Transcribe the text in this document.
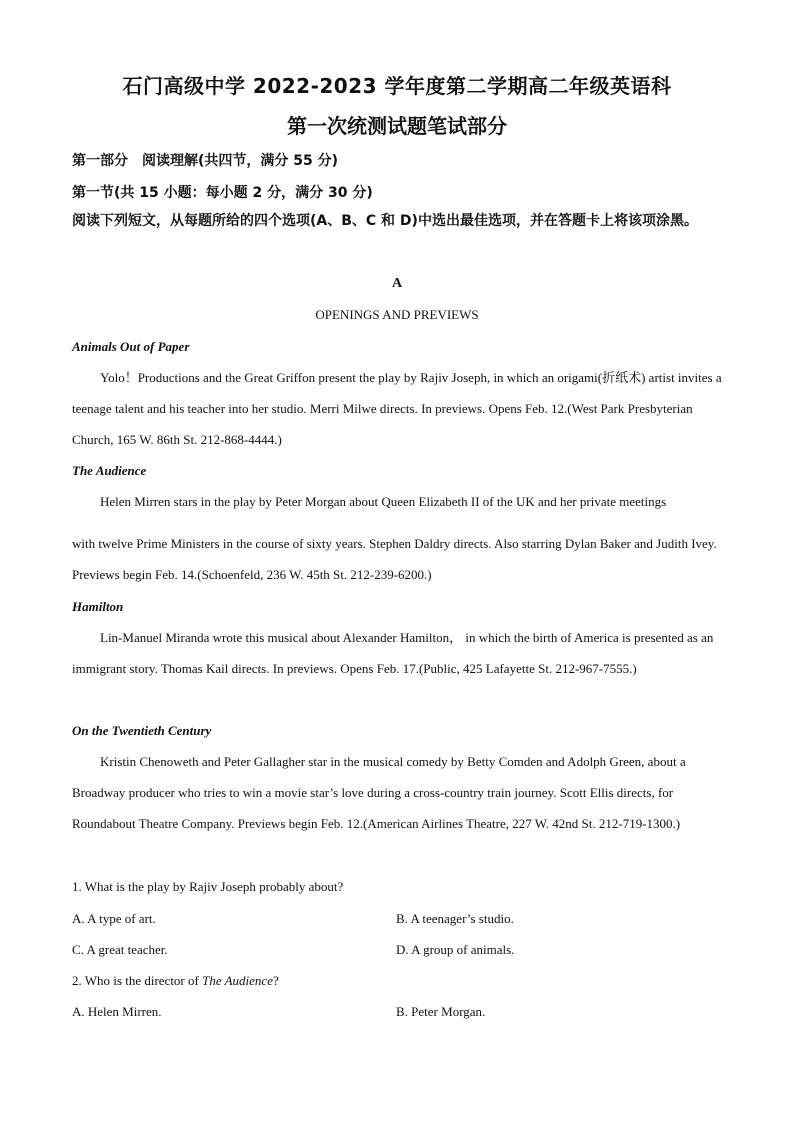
石门高级中学 2022-2023 学年度第二学期高二年级英语科
第一次统测试题笔试部分
第一部分　阅读理解(共四节，满分 55 分)
第一节(共 15 小题：每小题 2 分，满分 30 分)
阅读下列短文，从每题所给的四个选项(A、B、C 和 D)中选出最佳选项，并在答题卡上将该项涂黑。
A
OPENINGS AND PREVIEWS
Animals Out of Paper
Yolo！Productions and the Great Griffon present the play by Rajiv Joseph, in which an origami(折纸术) artist invites a teenage talent and his teacher into her studio. Merri Milwe directs. In previews. Opens Feb. 12.(West Park Presbyterian Church, 165 W. 86th St. 212-868-4444.)
The Audience
Helen Mirren stars in the play by Peter Morgan about Queen Elizabeth II of the UK and her private meetings
with twelve Prime Ministers in the course of sixty years. Stephen Daldry directs. Also starring Dylan Baker and Judith Ivey. Previews begin Feb. 14.(Schoenfeld, 236 W. 45th St. 212-239-6200.)
Hamilton
Lin-Manuel Miranda wrote this musical about Alexander Hamilton， in which the birth of America is presented as an immigrant story. Thomas Kail directs. In previews. Opens Feb. 17.(Public, 425 Lafayette St. 212-967-7555.)
On the Twentieth Century
Kristin Chenoweth and Peter Gallagher star in the musical comedy by Betty Comden and Adolph Green, about a Broadway producer who tries to win a movie star’s love during a cross-country train journey. Scott Ellis directs, for Roundabout Theatre Company. Previews begin Feb. 12.(American Airlines Theatre, 227 W. 42nd St. 212-719-1300.)
1. What is the play by Rajiv Joseph probably about?
A. A type of art.	B. A teenager’s studio.
C. A great teacher.	D. A group of animals.
2. Who is the director of The Audience?
A. Helen Mirren.	B. Peter Morgan.
